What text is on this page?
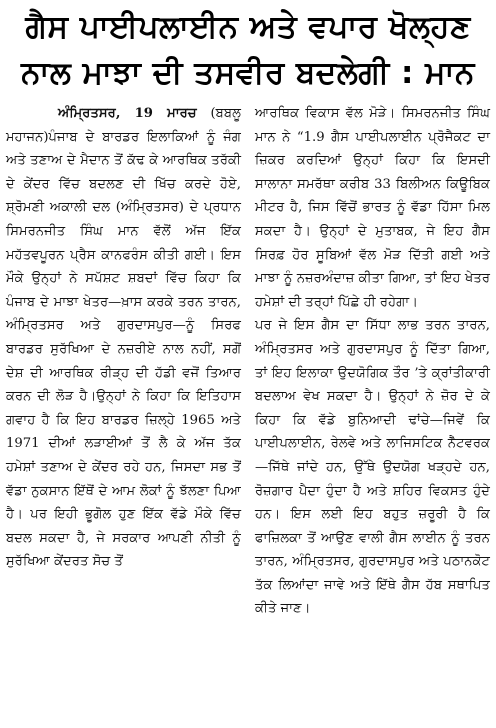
ਗੈਸ ਪਾਈਪਲਾਈਨ ਅਤੇ ਵਪਾਰ ਖੋਲ੍ਹਣ
ਨਾਲ ਮਾਝਾ ਦੀ ਤਸਵੀਰ ਬਦਲੇਗੀ : ਮਾਨ

ਅੰਮ੍ਰਿਤਸਰ, 19 ਮਾਰਚ (ਬਬਲੂ ਮਹਾਜਨ)ਪੰਜਾਬ ਦੇ ਬਾਰਡਰ ਇਲਾਕਿਆਂ ਨੂੰ ਜੰਗ ਅਤੇ ਤਣਾਅ ਦੇ ਮੈਦਾਨ ਤੋਂ ਕੱਢ ਕੇ ਆਰਥਿਕ ਤਰੱਕੀ ਦੇ ਕੇਂਦਰ ਵਿੱਚ ਬਦਲਣ ਦੀ ਖਿੱਚ ਕਰਦੇ ਹੋਏ, ਸ਼੍ਰੋਮਣੀ ਅਕਾਲੀ ਦਲ (ਅੰਮ੍ਰਿਤਸਰ) ਦੇ ਪ੍ਰਧਾਨ ਸਿਮਰਨਜੀਤ ਸਿੰਘ ਮਾਨ ਵੱਲੋਂ ਅੱਜ ਇੱਕ ਮਹੱਤਵਪੂਰਨ ਪ੍ਰੈਸ ਕਾਨਫਰੰਸ ਕੀਤੀ ਗਈ। ਇਸ ਮੌਕੇ ਉਨ੍ਹਾਂ ਨੇ ਸਪੱਸ਼ਟ ਸ਼ਬਦਾਂ ਵਿੱਚ ਕਿਹਾ ਕਿ ਪੰਜਾਬ ਦੇ ਮਾਝਾ ਖੇਤਰ—ਖ਼ਾਸ ਕਰਕੇ ਤਰਨ ਤਾਰਨ, ਅੰਮ੍ਰਿਤਸਰ ਅਤੇ ਗੁਰਦਾਸਪੁਰ—ਨੂੰ ਸਿਰਫ ਬਾਰਡਰ ਸੁਰੱਖਿਆ ਦੇ ਨਜ਼ਰੀਏ ਨਾਲ ਨਹੀਂ, ਸਗੋਂ ਦੇਸ਼ ਦੀ ਆਰਥਿਕ ਰੀੜ੍ਹ ਦੀ ਹੱਡੀ ਵਜੋਂ ਤਿਆਰ ਕਰਨ ਦੀ ਲੋੜ ਹੈ।ਉਨ੍ਹਾਂ ਨੇ ਕਿਹਾ ਕਿ ਇਤਿਹਾਸ ਗਵਾਹ ਹੈ ਕਿ ਇਹ ਬਾਰਡਰ ਜ਼ਿਲ੍ਹੇ 1965 ਅਤੇ 1971 ਦੀਆਂ ਲੜਾਈਆਂ ਤੋਂ ਲੈ ਕੇ ਅੱਜ ਤੱਕ ਹਮੇਸ਼ਾਂ ਤਣਾਅ ਦੇ ਕੇਂਦਰ ਰਹੇ ਹਨ, ਜਿਸਦਾ ਸਭ ਤੋਂ ਵੱਡਾ ਨੁਕਸਾਨ ਇੱਥੋਂ ਦੇ ਆਮ ਲੋਕਾਂ ਨੂੰ ਝੱਲਣਾ ਪਿਆ ਹੈ। ਪਰ ਇਹੀ ਭੂਗੋਲ ਹੁਣ ਇੱਕ ਵੱਡੇ ਮੌਕੇ ਵਿੱਚ ਬਦਲ ਸਕਦਾ ਹੈ, ਜੇ ਸਰਕਾਰ ਆਪਣੀ ਨੀਤੀ ਨੂੰ ਸੁਰੱਖਿਆ ਕੇਂਦਰਤ ਸੋਚ ਤੋਂ

ਆਰਥਿਕ ਵਿਕਾਸ ਵੱਲ ਮੋੜੇ। ਸਿਮਰਨਜੀਤ ਸਿੰਘ ਮਾਨ ਨੇ “1.9 ਗੈਸ ਪਾਈਪਲਾਈਨ ਪ੍ਰੋਜੈਕਟ ਦਾ ਜ਼ਿਕਰ ਕਰਦਿਆਂ ਉਨ੍ਹਾਂ ਕਿਹਾ ਕਿ ਇਸਦੀ ਸਾਲਾਨਾ ਸਮਰੱਥਾ ਕਰੀਬ 33 ਬਿਲੀਅਨ ਕਿਊਬਿਕ ਮੀਟਰ ਹੈ, ਜਿਸ ਵਿੱਚੋਂ ਭਾਰਤ ਨੂੰ ਵੱਡਾ ਹਿੱਸਾ ਮਿਲ ਸਕਦਾ ਹੈ। ਉਨ੍ਹਾਂ ਦੇ ਮੁਤਾਬਕ, ਜੇ ਇਹ ਗੈਸ ਸਿਰਫ਼ ਹੋਰ ਸੂਬਿਆਂ ਵੱਲ ਮੋੜ ਦਿੱਤੀ ਗਈ ਅਤੇ ਮਾਝਾ ਨੂੰ ਨਜ਼ਰਅੰਦਾਜ਼ ਕੀਤਾ ਗਿਆ, ਤਾਂ ਇਹ ਖੇਤਰ ਹਮੇਸ਼ਾਂ ਦੀ ਤਰ੍ਹਾਂ ਪਿੱਛੇ ਹੀ ਰਹੇਗਾ।

ਪਰ ਜੇ ਇਸ ਗੈਸ ਦਾ ਸਿੱਧਾ ਲਾਭ ਤਰਨ ਤਾਰਨ, ਅੰਮ੍ਰਿਤਸਰ ਅਤੇ ਗੁਰਦਾਸਪੁਰ ਨੂੰ ਦਿੱਤਾ ਗਿਆ, ਤਾਂ ਇਹ ਇਲਾਕਾ ਉਦਯੋਗਿਕ ਤੌਰ ’ਤੇ ਕ੍ਰਾਂਤੀਕਾਰੀ ਬਦਲਾਅ ਵੇਖ ਸਕਦਾ ਹੈ। ਉਨ੍ਹਾਂ ਨੇ ਜ਼ੋਰ ਦੇ ਕੇ ਕਿਹਾ ਕਿ ਵੱਡੇ ਬੁਨਿਆਦੀ ਢਾਂਚੇ—ਜਿਵੇਂ ਕਿ ਪਾਈਪਲਾਈਨ, ਰੇਲਵੇ ਅਤੇ ਲਾਜਿਸਟਿਕ ਨੈੱਟਵਰਕ—ਜਿੱਥੇ ਜਾਂਦੇ ਹਨ, ਉੱਥੇ ਉਦਯੋਗ ਖੜ੍ਹਦੇ ਹਨ, ਰੋਜ਼ਗਾਰ ਪੈਦਾ ਹੁੰਦਾ ਹੈ ਅਤੇ ਸ਼ਹਿਰ ਵਿਕਸਤ ਹੁੰਦੇ ਹਨ। ਇਸ ਲਈ ਇਹ ਬਹੁਤ ਜ਼ਰੂਰੀ ਹੈ ਕਿ ਫਾਜ਼ਿਲਕਾ ਤੋਂ ਆਉਣ ਵਾਲੀ ਗੈਸ ਲਾਈਨ ਨੂੰ ਤਰਨ ਤਾਰਨ, ਅੰਮ੍ਰਿਤਸਰ, ਗੁਰਦਾਸਪੁਰ ਅਤੇ ਪਠਾਨਕੋਟ ਤੱਕ ਲਿਆਂਦਾ ਜਾਵੇ ਅਤੇ ਇੱਥੇ ਗੈਸ ਹੱਬ ਸਥਾਪਿਤ ਕੀਤੇ ਜਾਣ।
